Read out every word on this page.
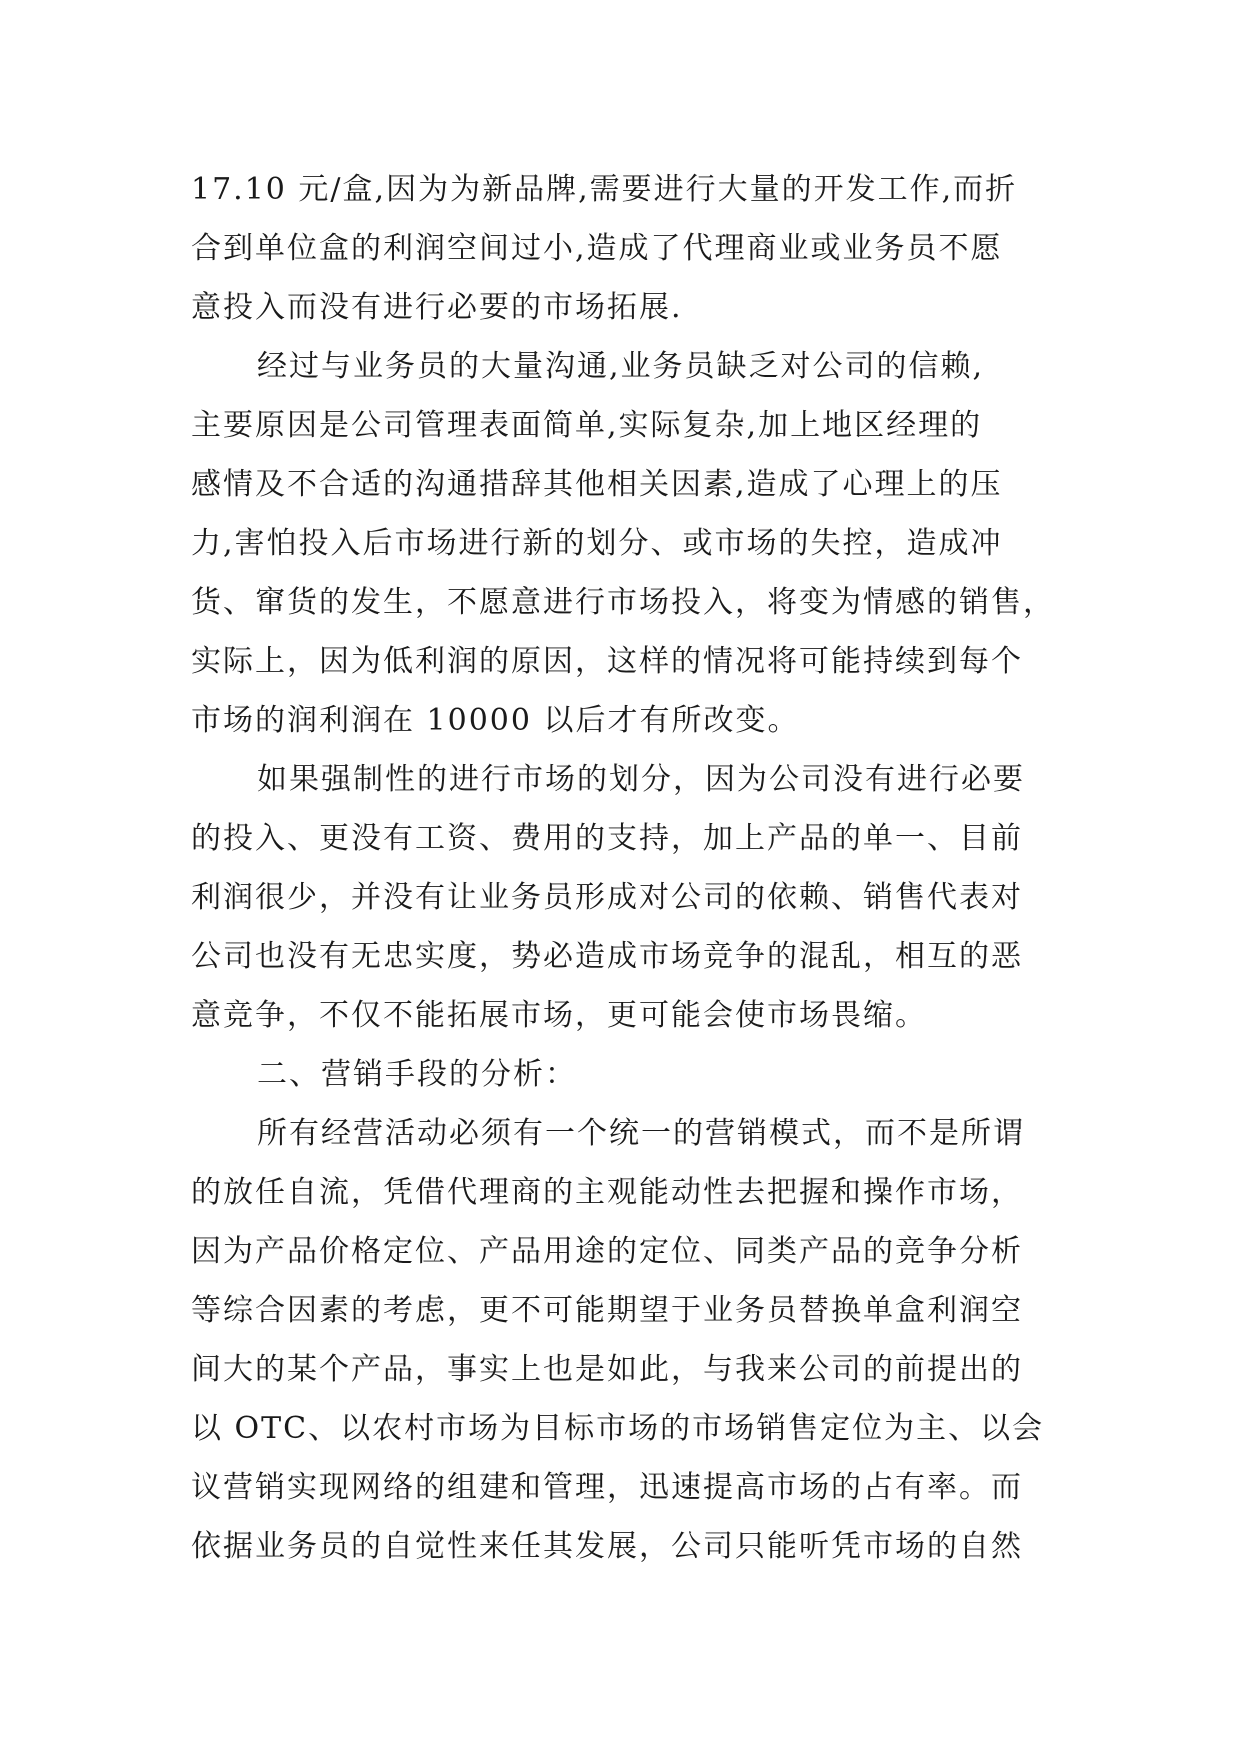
17.10 元/盒,因为为新品牌,需要进行大量的开发工作,而折
合到单位盒的利润空间过小,造成了代理商业或业务员不愿
意投入而没有进行必要的市场拓展.
经过与业务员的大量沟通,业务员缺乏对公司的信赖,
主要原因是公司管理表面简单,实际复杂,加上地区经理的
感情及不合适的沟通措辞其他相关因素,造成了心理上的压
力,害怕投入后市场进行新的划分、或市场的失控，造成冲
货、窜货的发生，不愿意进行市场投入，将变为情感的销售，
实际上，因为低利润的原因，这样的情况将可能持续到每个
市场的润利润在 10000 以后才有所改变。
如果强制性的进行市场的划分，因为公司没有进行必要
的投入、更没有工资、费用的支持，加上产品的单一、目前
利润很少，并没有让业务员形成对公司的依赖、销售代表对
公司也没有无忠实度，势必造成市场竞争的混乱，相互的恶
意竞争，不仅不能拓展市场，更可能会使市场畏缩。
二、营销手段的分析：
所有经营活动必须有一个统一的营销模式，而不是所谓
的放任自流，凭借代理商的主观能动性去把握和操作市场，
因为产品价格定位、产品用途的定位、同类产品的竞争分析
等综合因素的考虑，更不可能期望于业务员替换单盒利润空
间大的某个产品，事实上也是如此，与我来公司的前提出的
以 OTC、以农村市场为目标市场的市场销售定位为主、以会
议营销实现网络的组建和管理，迅速提高市场的占有率。而
依据业务员的自觉性来任其发展，公司只能听凭市场的自然
